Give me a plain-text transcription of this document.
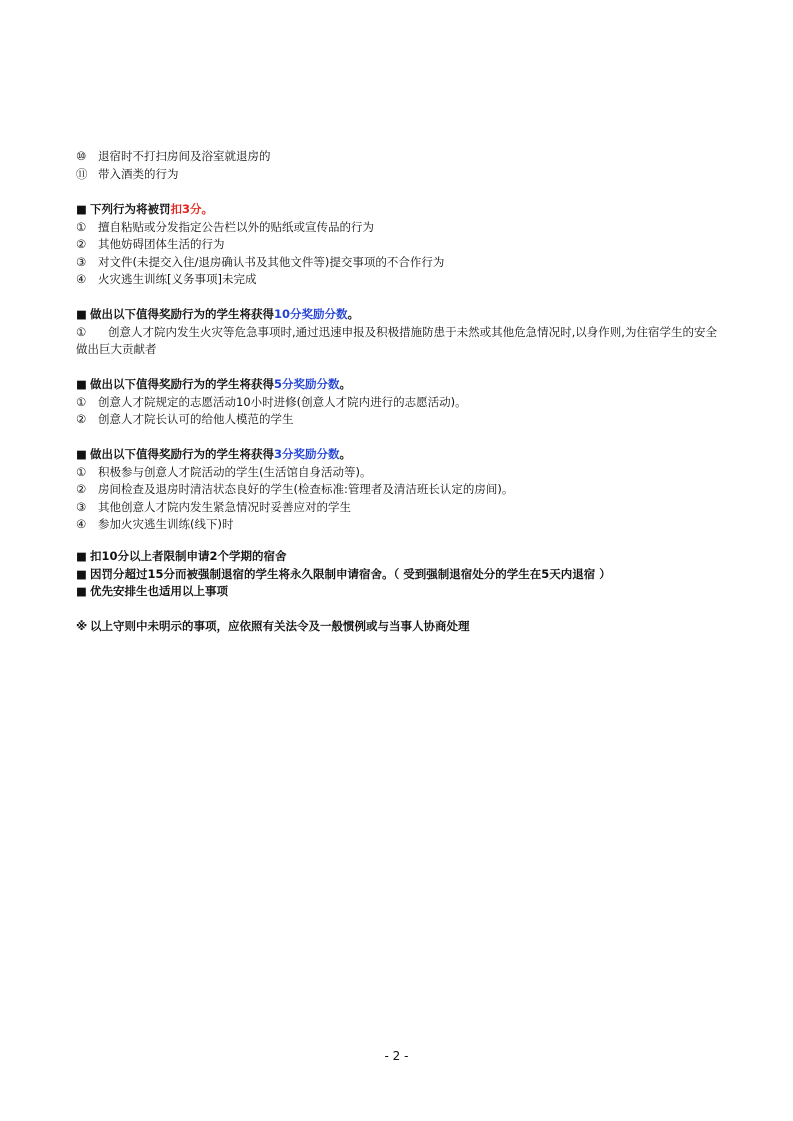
⑩ 退宿时不打扫房间及浴室就退房的
⑪ 带入酒类的行为
■ 下列行为将被罚扣3分。
① 擅自粘贴或分发指定公告栏以外的贴纸或宣传品的行为
② 其他妨碍团体生活的行为
③ 对文件(未提交入住/退房确认书及其他文件等)提交事项的不合作行为
④ 火灾逃生训练[义务事项]未完成
■ 做出以下值得奖励行为的学生将获得10分奖励分数。
① 创意人才院内发生火灾等危急事项时,通过迅速申报及积极措施防患于未然或其他危急情况时,以身作则,为住宿学生的安全做出巨大贡献者
■ 做出以下值得奖励行为的学生将获得5分奖励分数。
① 创意人才院规定的志愿活动10小时进修(创意人才院内进行的志愿活动)。
② 创意人才院长认可的给他人模范的学生
■ 做出以下值得奖励行为的学生将获得3分奖励分数。
① 积极参与创意人才院活动的学生(生活馆自身活动等)。
② 房间检查及退房时清洁状态良好的学生(检查标准:管理者及清洁班长认定的房间)。
③ 其他创意人才院内发生紧急情况时妥善应对的学生
④ 参加火灾逃生训练(线下)时
■ 扣10分以上者限制申请2个学期的宿舍
■ 因罚分超过15分而被强制退宿的学生将永久限制申请宿舍。（ 受到强制退宿处分的学生在5天内退宿 ）
■ 优先安排生也适用以上事项
※ 以上守则中未明示的事项，应依照有关法令及一般惯例或与当事人协商处理
- 2 -
